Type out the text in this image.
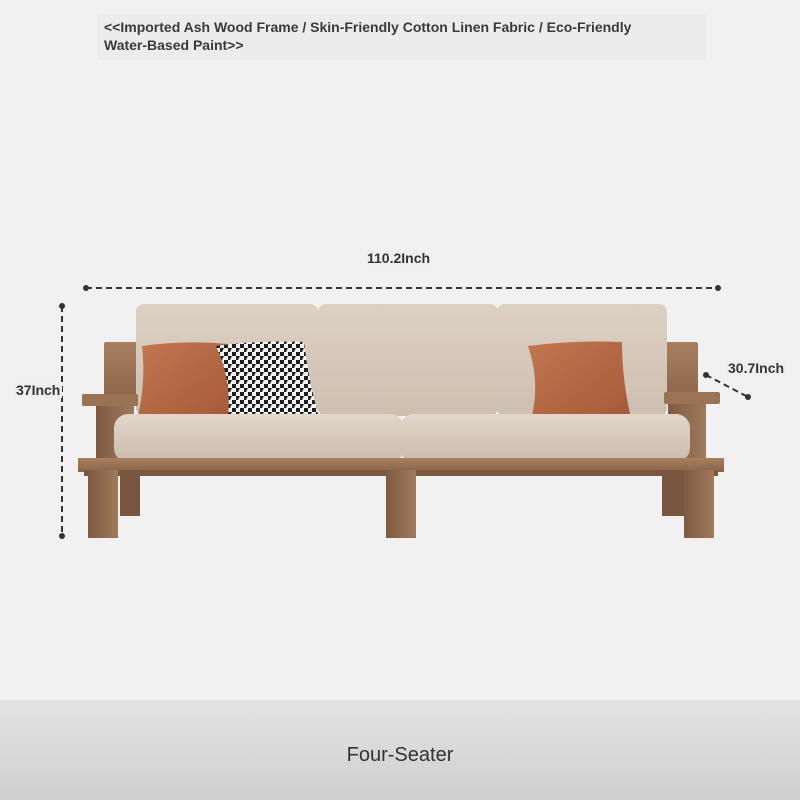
<<Imported Ash Wood Frame / Skin-Friendly Cotton Linen Fabric / Eco-Friendly
Water-Based Paint>>
110.2Inch
37Inch
30.7Inch
Four-Seater
